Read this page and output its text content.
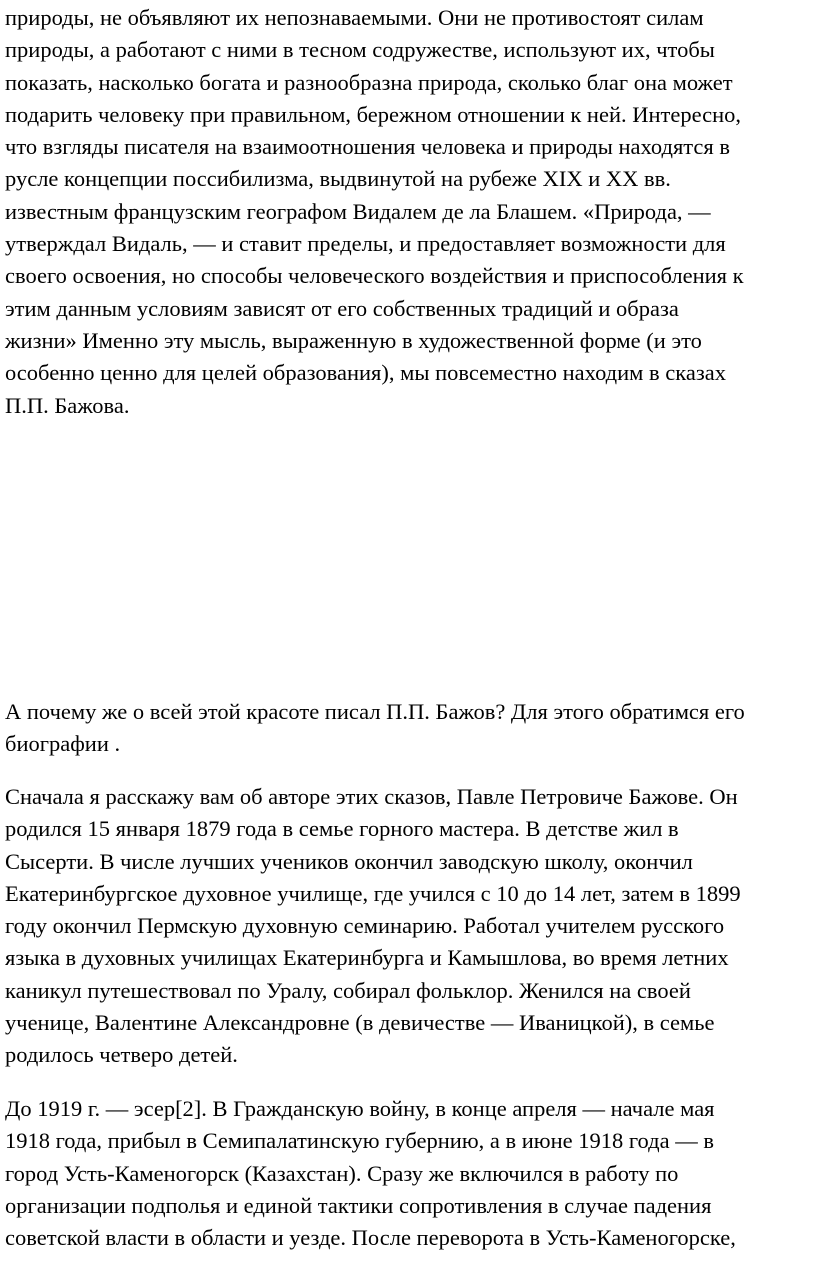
природы, не объявляют их непознаваемыми. Они не противостоят силам

природы, а работают с ними в тесном содружестве, используют их, чтобы

показать, насколько богата и разнообразна природа, сколько благ она может

подарить человеку при правильном, бережном отношении к ней. Интересно,

что взгляды писателя на взаимоотношения человека и природы находятся в

русле концепции поссибилизма, выдвинутой на рубеже XIX и XX вв.

известным французским географом Видалем де ла Блашем. «Природа, —

утверждал Видаль, — и ставит пределы, и предоставляет возможности для

своего освоения, но способы человеческого воздействия и приспособления к

этим данным условиям зависят от его собственных традиций и образа

жизни» Именно эту мысль, выраженную в художественной форме (и это

особенно ценно для целей образования), мы повсеместно находим в сказах

П.П. Бажова.

А почему же о всей этой красоте писал П.П. Бажов? Для этого обратимся его

биографии .

Сначала я расскажу вам об авторе этих сказов, Павле Петровиче Бажове. Он

родился 15 января 1879 года в семье горного мастера. В детстве жил в

Сысерти. В числе лучших учеников окончил заводскую школу, окончил

Екатеринбургское духовное училище, где учился с 10 до 14 лет, затем в 1899

году окончил Пермскую духовную семинарию. Работал учителем русского

языка в духовных училищах Екатеринбурга и Камышлова, во время летних

каникул путешествовал по Уралу, собирал фольклор. Женился на своей

ученице, Валентине Александровне (в девичестве — Иваницкой), в семье

родилось четверо детей.

До 1919 г. — эсер[2]. В Гражданскую войну, в конце апреля — начале мая

1918 года, прибыл в Семипалатинскую губернию, а в июне 1918 года — в

город Усть-Каменогорск (Казахстан). Сразу же включился в работу по

организации подполья и единой тактики сопротивления в случае падения

советской власти в области и уезде. После переворота в Усть-Каменогорске,
